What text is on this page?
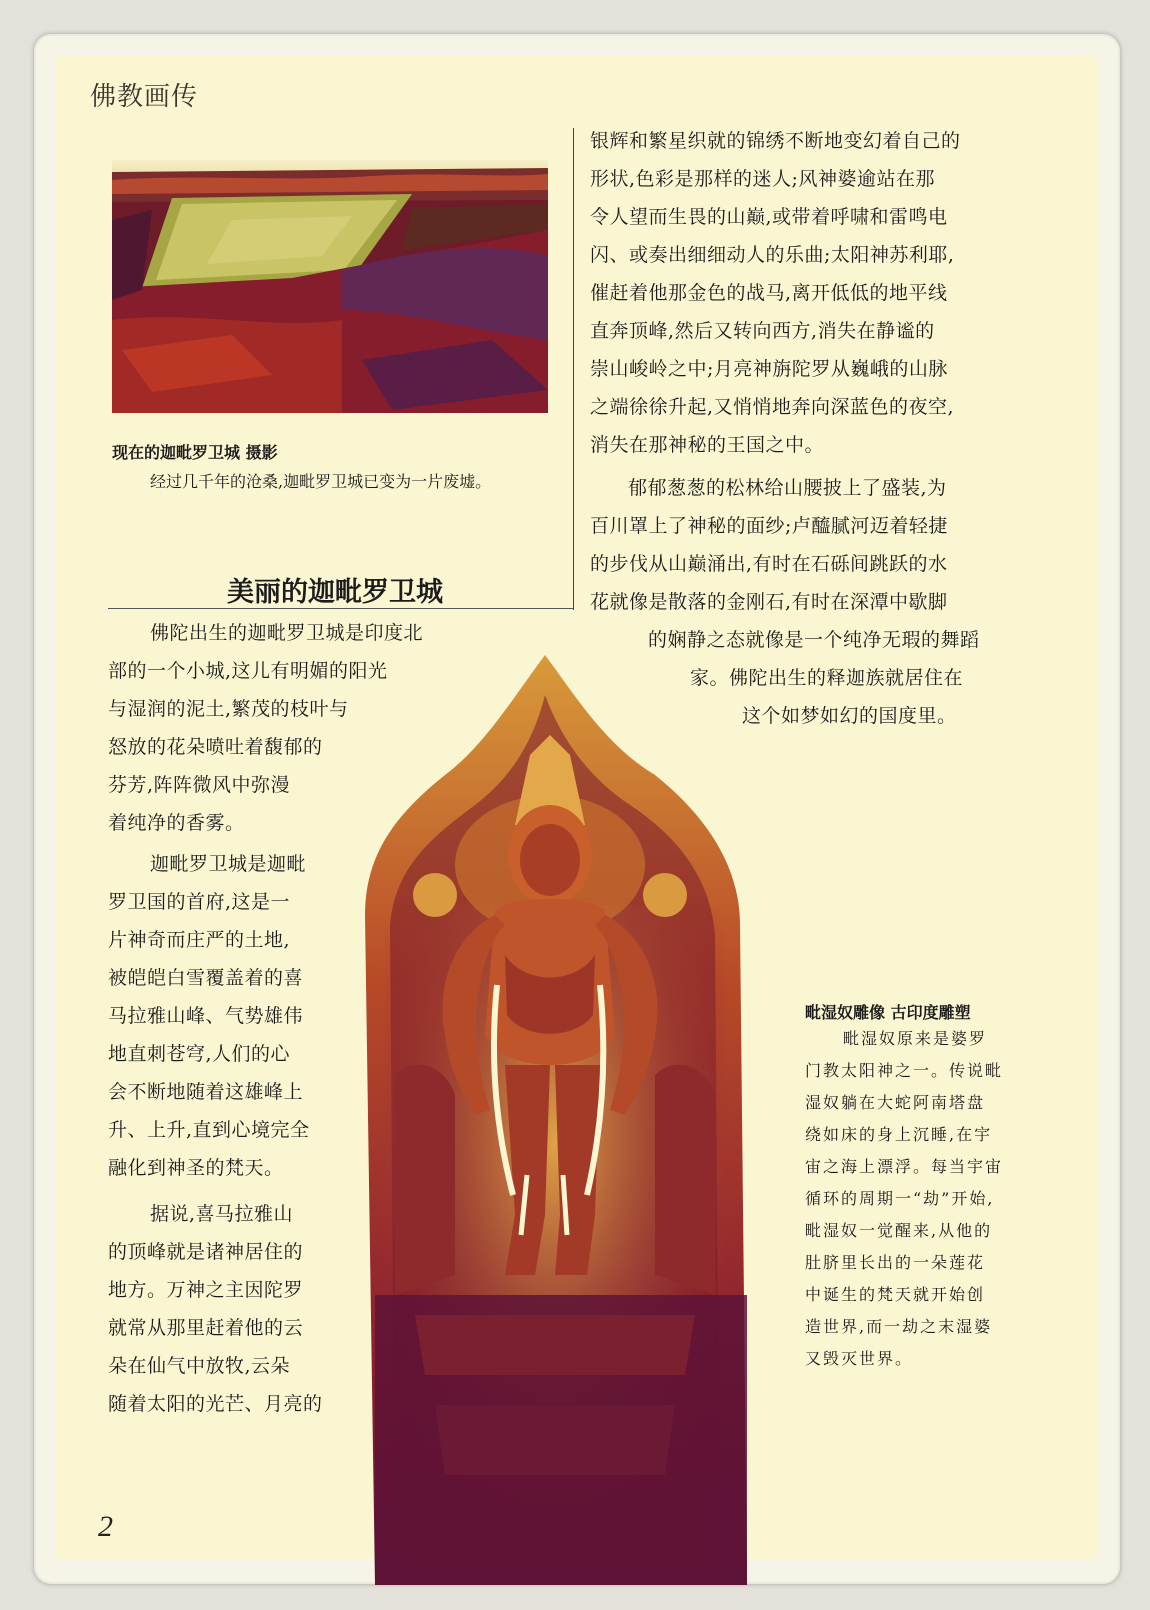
佛教画传
现在的迦毗罗卫城 摄影
经过几千年的沧桑,迦毗罗卫城已变为一片废墟。
美丽的迦毗罗卫城
佛陀出生的迦毗罗卫城是印度北
部的一个小城,这儿有明媚的阳光
与湿润的泥土,繁茂的枝叶与
怒放的花朵喷吐着馥郁的
芬芳,阵阵微风中弥漫
着纯净的香雾。
迦毗罗卫城是迦毗
罗卫国的首府,这是一
片神奇而庄严的土地,
被皑皑白雪覆盖着的喜
马拉雅山峰、气势雄伟
地直刺苍穹,人们的心
会不断地随着这雄峰上
升、上升,直到心境完全
融化到神圣的梵天。
据说,喜马拉雅山
的顶峰就是诸神居住的
地方。万神之主因陀罗
就常从那里赶着他的云
朵在仙气中放牧,云朵
随着太阳的光芒、月亮的
银辉和繁星织就的锦绣不断地变幻着自己的
形状,色彩是那样的迷人;风神婆逾站在那
令人望而生畏的山巅,或带着呼啸和雷鸣电
闪、或奏出细细动人的乐曲;太阳神苏利耶,
催赶着他那金色的战马,离开低低的地平线
直奔顶峰,然后又转向西方,消失在静谧的
崇山峻岭之中;月亮神旃陀罗从巍峨的山脉
之端徐徐升起,又悄悄地奔向深蓝色的夜空,
消失在那神秘的王国之中。
郁郁葱葱的松林给山腰披上了盛装,为
百川罩上了神秘的面纱;卢醯腻河迈着轻捷
的步伐从山巅涌出,有时在石砾间跳跃的水
花就像是散落的金刚石,有时在深潭中歇脚
的娴静之态就像是一个纯净无瑕的舞蹈
家。佛陀出生的释迦族就居住在
这个如梦如幻的国度里。
毗湿奴雕像 古印度雕塑
毗湿奴原来是婆罗
门教太阳神之一。传说毗
湿奴躺在大蛇阿南塔盘
绕如床的身上沉睡,在宇
宙之海上漂浮。每当宇宙
循环的周期一“劫”开始,
毗湿奴一觉醒来,从他的
肚脐里长出的一朵莲花
中诞生的梵天就开始创
造世界,而一劫之末湿婆
又毁灭世界。
2
